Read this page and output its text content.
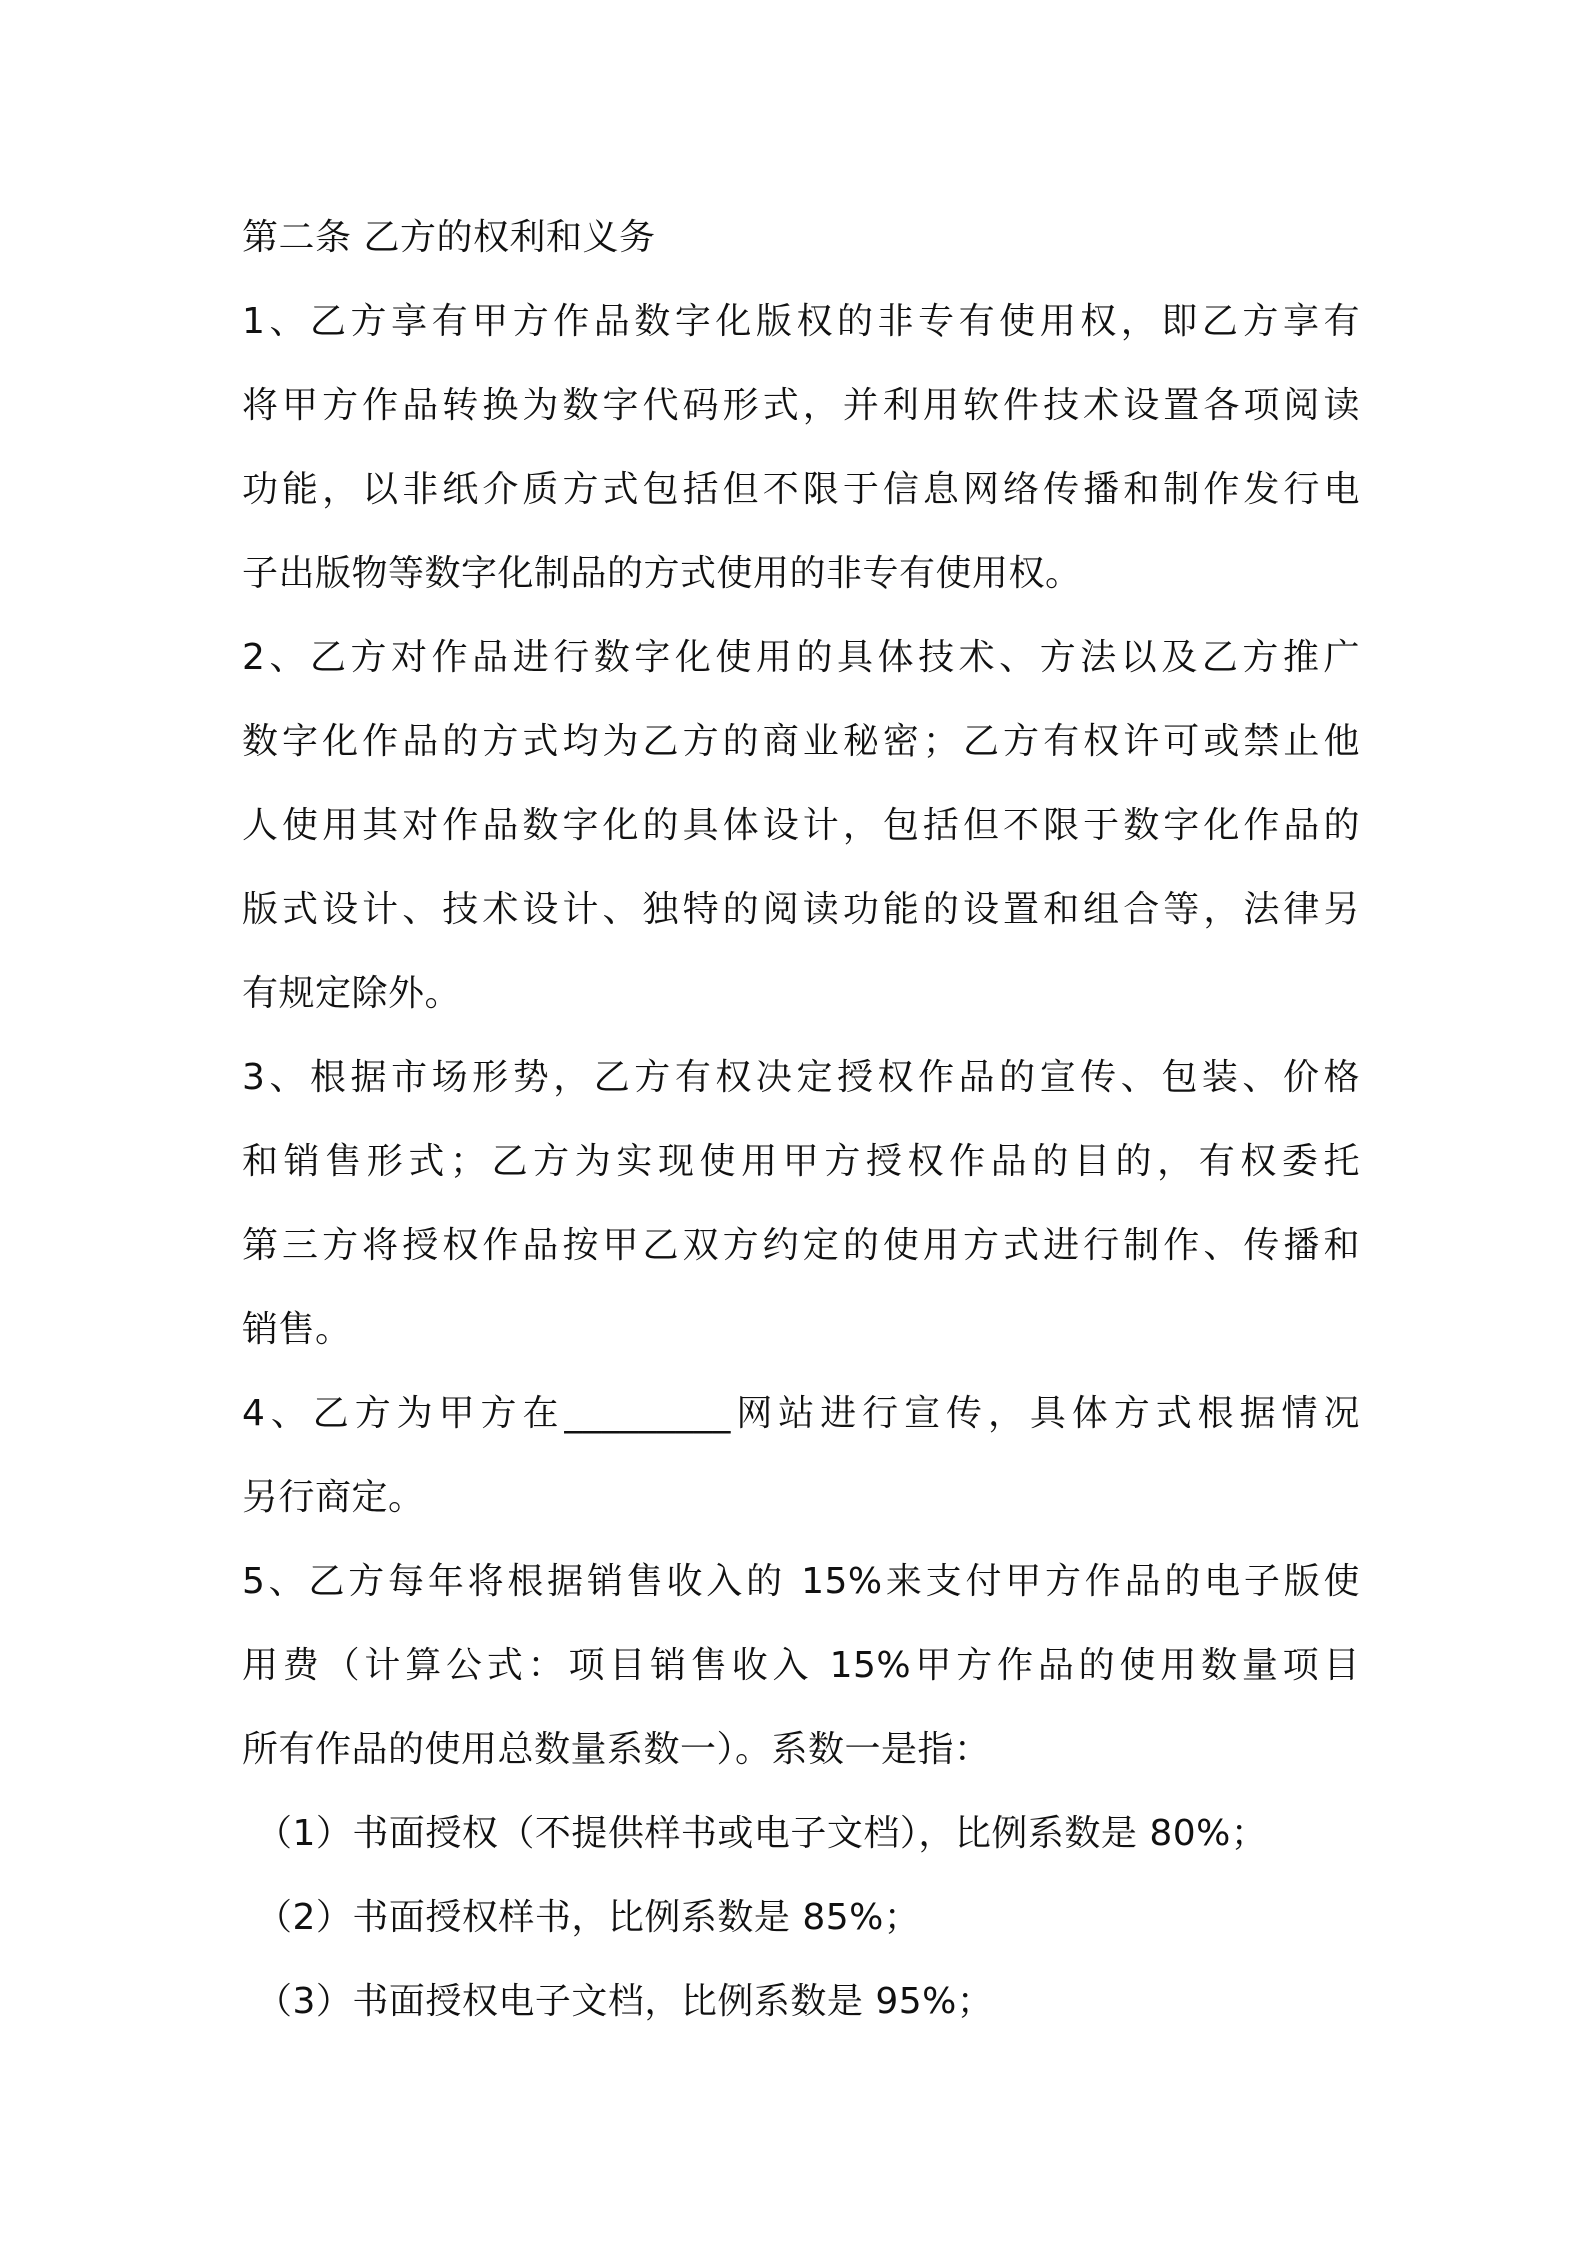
第二条 乙方的权利和义务
1、乙方享有甲方作品数字化版权的非专有使用权，即乙方享有
将甲方作品转换为数字代码形式，并利用软件技术设置各项阅读
功能，以非纸介质方式包括但不限于信息网络传播和制作发行电
子出版物等数字化制品的方式使用的非专有使用权。
2、乙方对作品进行数字化使用的具体技术、方法以及乙方推广
数字化作品的方式均为乙方的商业秘密；乙方有权许可或禁止他
人使用其对作品数字化的具体设计，包括但不限于数字化作品的
版式设计、技术设计、独特的阅读功能的设置和组合等，法律另
有规定除外。
3、根据市场形势，乙方有权决定授权作品的宣传、包装、价格
和销售形式；乙方为实现使用甲方授权作品的目的，有权委托
第三方将授权作品按甲乙双方约定的使用方式进行制作、传播和
销售。
4、乙方为甲方在_________网站进行宣传，具体方式根据情况
另行商定。
5、乙方每年将根据销售收入的 15%来支付甲方作品的电子版使
用费（计算公式：项目销售收入 15%甲方作品的使用数量项目
所有作品的使用总数量系数一）。系数一是指：
（1）书面授权（不提供样书或电子文档），比例系数是 80%；
（2）书面授权样书，比例系数是 85%；
（3）书面授权电子文档，比例系数是 95%；
